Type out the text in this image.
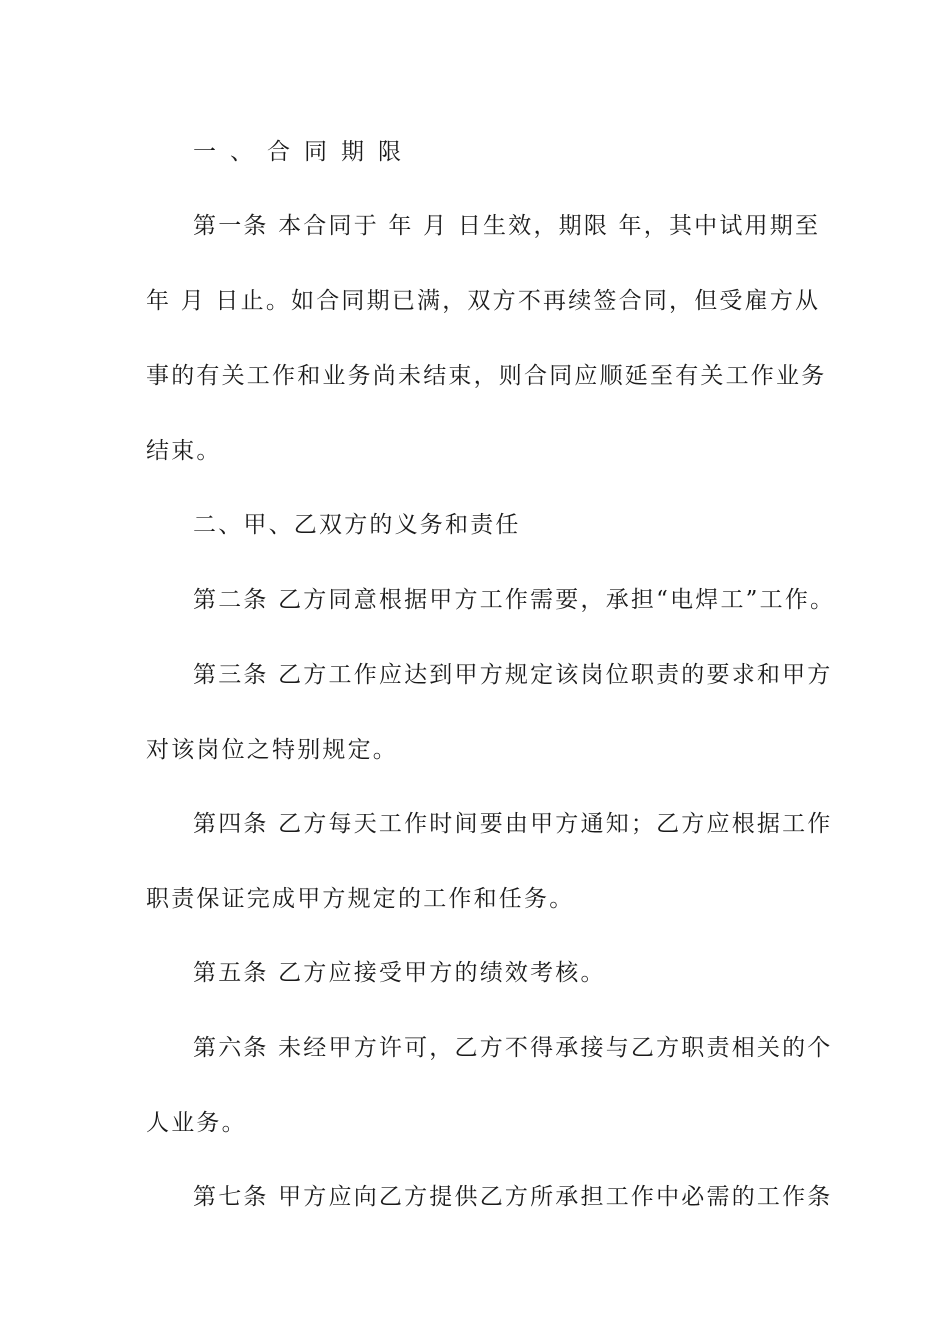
一、合同期限
第一条 本合同于 年 月 日生效，期限 年，其中试用期至
年 月 日止。如合同期已满，双方不再续签合同，但受雇方从
事的有关工作和业务尚未结束，则合同应顺延至有关工作业务
结束。
二、甲、乙双方的义务和责任
第二条 乙方同意根据甲方工作需要，承担“电焊工”工作。
第三条 乙方工作应达到甲方规定该岗位职责的要求和甲方
对该岗位之特别规定。
第四条 乙方每天工作时间要由甲方通知；乙方应根据工作
职责保证完成甲方规定的工作和任务。
第五条 乙方应接受甲方的绩效考核。
第六条 未经甲方许可，乙方不得承接与乙方职责相关的个
人业务。
第七条 甲方应向乙方提供乙方所承担工作中必需的工作条
